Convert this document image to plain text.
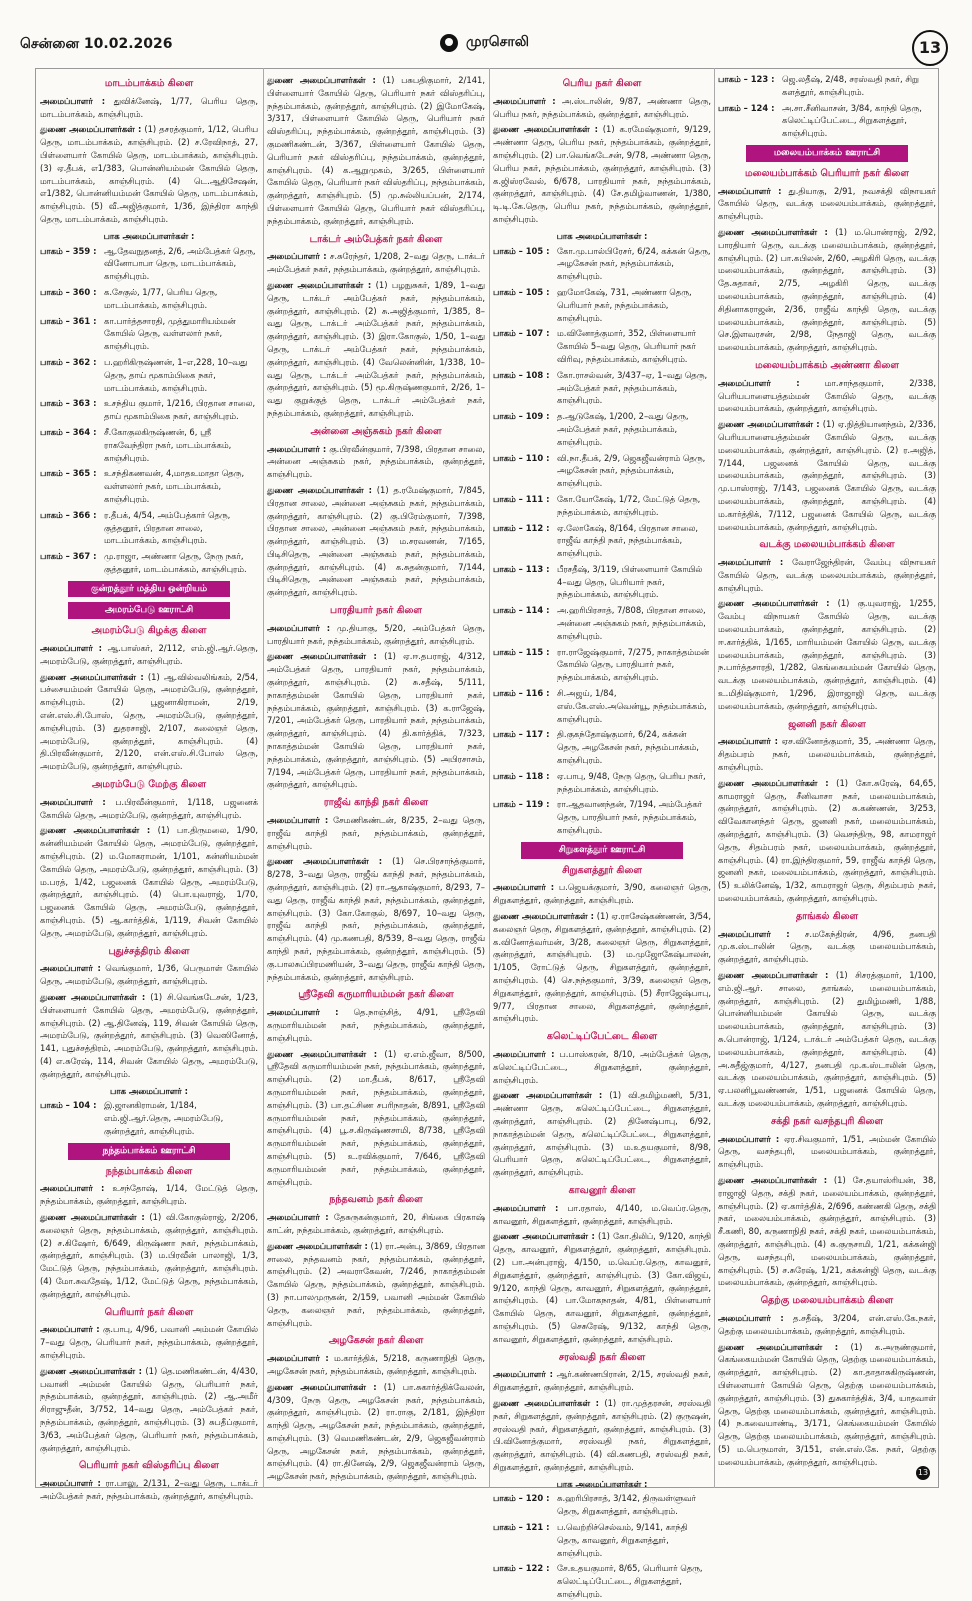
சென்னை 10.02.2026	முரசொலி	13
மாடம்பாக்கம் கிளை
அமைப்பாளர் : துவிக்னேஷ், 1/77, பெரிய தெரு, மாடம்பாக்கம், காஞ்சிபுரம்.
துணை அமைப்பாளர்கள் : (1) தசரத்குமார், 1/12, பெரிய தெரு, மாடம்பாக்கம், காஞ்சிபுரம். (2) ச.ரேவிநாத், 27, பிள்ளையார் கோயில் தெரு, மாடம்பாக்கம், காஞ்சிபுரம். (3) ஏ.தீபக், எ1/383, பொன்னியம்மன் கோயில் தெரு, மாடம்பாக்கம், காஞ்சிபுரம். (4) டெ.ஆதிசேஷன், எ1/382, பொன்னியம்மன் கோயில் தெரு, மாடம்பாக்கம், காஞ்சிபுரம். (5) வீ.அஜித்குமார், 1/36, இந்திரா காந்தி தெரு, மாடம்பாக்கம், காஞ்சிபுரம்.
பாக அமைப்பாளர்கள் :
பாகம் – 359 : ஆ.தேவநுதனத், 2/6, அம்பேத்கர் தெரு, வினோபாபா தெரு, மாடம்பாக்கம், காஞ்சிபுரம்.
பாகம் – 360 : க.சேகுல், 1/77, பெரிய தெரு, மாடம்பாக்கம், காஞ்சிபுரம்.
பாகம் – 361 : கா.பார்த்தசாரதி, முத்துமாரியம்மன் கோயில் தெரு, வள்ளலார் நகர், காஞ்சிபுரம்.
பாகம் – 362 : ப.ஹரிகிருஷ்ணன், 1–எ,228, 10–வது தெரு, தாய் மூகாம்பிகை நகர், மாடம்பாக்கம், காஞ்சிபுரம்.
பாகம் – 363 : உசந்திய குமார், 1/216, பிரதான சாலை, தாய் மூகாம்பிகை நகர், காஞ்சிபுரம்.
பாகம் – 364 : சீ.கோகுலகிருஷ்ணன், 6, ஸ்ரீ ராகவேந்திரா நகர், மாடம்பாக்கம், காஞ்சிபுரம்.
பாகம் – 365 : உசந்திகணவன், 4,மாதஉமாதா தெரு, வள்ளலார் நகர், மாடம்பாக்கம், காஞ்சிபுரம்.
பாகம் – 366 : ர.தீபக், 4/54, அம்பேத்கார் தெரு, குத்தனூர், பிரதான சாலை, மாடம்பாக்கம், காஞ்சிபுரம்.
பாகம் – 367 : மு.ராஜா, அண்ணா தெரு, நேரு நகர், குத்தனூர், மாடம்பாக்கம், காஞ்சிபுரம்.
குன்றத்தூர் மத்திய ஒன்றியம்
அமரம்பேடு ஊராட்சி
அமரம்பேடு கிழக்கு கிளை
அமைப்பாளர் : ஆ.பாஸ்கர், 2/112, எம்.ஜி.ஆர்.தெரு, அமரம்பேடு, குன்றத்தூர், காஞ்சிபுரம்.
துணை அமைப்பாளர்கள் : (1) ஆ.வில்வலிங்கம், 2/54, பச்சையம்மன் கோயில் தெரு, அமரம்பேடு, குன்றத்தூர், காஞ்சிபுரம். (2) பூஜனாகிராமன், 2/19, என்.எஸ்.சி.போஸ், தெரு, அமரம்பேடு, குன்றத்தூர், காஞ்சிபுரம். (3) துதரசாஜி, 2/107, கலைஞர் தெரு, அமரம்பேடு, குன்றத்தூர், காஞ்சிபுரம். (4) தி.பிரவீன்குமார், 2/120, என்.எஸ்.சி.போஸ் தெரு, அமரம்பேடு, குன்றத்தூர், காஞ்சிபுரம்.
அமரம்பேடு மேற்கு கிளை
அமைப்பாளர் : ப.பிரவீன்குமார், 1/118, பஜனைக் கோயில் தெரு, அமரம்பேடு, குன்றத்தூர், காஞ்சிபுரம்.
துணை அமைப்பாளர்கள் : (1) பா.திருமலை, 1/90, கன்னியம்மன் கோயில் தெரு, அமரம்பேடு, குன்றத்தூர், காஞ்சிபுரம். (2) ம.மோகராமன், 1/101, கன்னியம்மன் கோயில் தெரு, அமரம்பேடு, குன்றத்தூர், காஞ்சிபுரம். (3) ம.பரத், 1/42, பஜனைக் கோயில் தெரு, அமரம்பேடு, குன்றத்தூர், காஞ்சிபுரம். (4) பொ.யுவராஜ், 1/70, பஜனைக் கோயில் தெரு, அமரம்பேடு, குன்றத்தூர், காஞ்சிபுரம். (5) ஆ.கார்த்திக், 1/119, சிவன் கோயில் தெரு, அமரம்பேடு, குன்றத்தூர், காஞ்சிபுரம்.
புதுச்சத்திரம் கிளை
அமைப்பாளர் : வெங்குமார், 1/36, பெருமாள் கோயில் தெரு, அமரம்பேடு, குன்றத்தூர், காஞ்சிபுரம்.
துணை அமைப்பாளர்கள் : (1) சி.வெங்கடேசன், 1/23, பிள்ளையார் கோயில் தெரு, அமரம்பேடு, குன்றத்தூர், காஞ்சிபுரம். (2) ஆ.தினேஷ், 119, சிவன் கோயில் தெரு, அமரம்பேடு, குன்றத்தூர், காஞ்சிபுரம். (3) வெஸினோத், 141, புதுச்சத்திரம், அமரம்பேடு, குன்றத்தூர், காஞ்சிபுரம். (4) எ.சுரேஷ், 114, சிவன் கோயில் தெரு, அமரம்பேடு, குன்றத்தூர், காஞ்சிபுரம்.
பாக அமைப்பாளர் :
பாகம் – 104 : இ.ஜானகிராமன், 1/184, எம்.ஜி.ஆர்.தெரு, அமரம்பேடு, குன்றத்தூர், காஞ்சிபுரம்.
நந்தம்பாக்கம் ஊராட்சி
நந்தம்பாக்கம் கிளை
அமைப்பாளர் : உசந்தோஷ், 1/14, மேட்டுத் தெரு, நந்தம்பாக்கம், குன்றத்தூர், காஞ்சிபுரம்.
துணை அமைப்பாளர்கள் : (1) வி.கோகுல்ராஜ், 2/206, கலைஞர் தெரு, நந்தம்பாக்கம், குன்றத்தூர், காஞ்சிபுரம். (2) ச.கிஷோர், 6/649, கிருஷ்ணா நகர், நந்தம்பாக்கம், குன்றத்தூர், காஞ்சிபுரம். (3) ம.பிரவீன் பாலாஜி, 1/3, மேட்டுத் தெரு, நந்தம்பாக்கம், குன்றத்தூர், காஞ்சிபுரம். (4) மோ.சுவதேஷ், 1/12, மேட்டுத் தெரு, நந்தம்பாக்கம், குன்றத்தூர், காஞ்சிபுரம்.
பெரியார் நகர் கிளை
அமைப்பாளர் : கு.பாபு, 4/96, பவானி அம்மன் கோயில் 7–வது தெரு, பெரியார் நகர், நந்தம்பாக்கம், குன்றத்தூர், காஞ்சிபுரம்.
துணை அமைப்பாளர்கள் : (1) தெ.மணிகண்டன், 4/430, பவானி அம்மன் கோயில் தெரு, பெரியார் நகர், நந்தம்பாக்கம், குன்றத்தூர், காஞ்சிபுரம். (2) ஆ.அமீர் சிராஜுதீன், 3/752, 14–வது தெரு, அம்பேத்கர் நகர், நந்தம்பாக்கம், குன்றத்தூர், காஞ்சிபுரம். (3) சுபதீப்குமார், 3/63, அம்பேத்கர் தெரு, பெரியார் நகர், நந்தம்பாக்கம், குன்றத்தூர், காஞ்சிபுரம்.
பெரியார் நகர் விஸ்தரிப்பு கிளை
அமைப்பாளர் : ரா.பாலு, 2/131, 2–வது தெரு, டாக்டர் அம்பேத்கர் நகர், நந்தம்பாக்கம், குன்றத்தூர், காஞ்சிபுரம்.
துணை அமைப்பாளர்கள் : (1) பசுபதிகுமார், 2/141, பிள்ளையார் கோயில் தெரு, பெரியார் நகர் விஸ்தரிப்பு, நந்தம்பாக்கம், குன்றத்தூர், காஞ்சிபுரம். (2) இமோகேஷ், 3/317, பிள்ளையார் கோயில் தெரு, பெரியார் நகர் விஸ்தரிப்பு, நந்தம்பாக்கம், குன்றத்தூர், காஞ்சிபுரம். (3) குமணிகண்டன், 3/367, பிள்ளையார் கோயில் தெரு, பெரியார் நகர் விஸ்தரிப்பு, நந்தம்பாக்கம், குன்றத்தூர், காஞ்சிபுரம். (4) க.ஆறுமுகம், 3/265, பிள்ளையார் கோயில் தெரு, பெரியார் நகர் விஸ்தரிப்பு, நந்தம்பாக்கம், குன்றத்தூர், காஞ்சிபுரம். (5) மு.சுல்லியப்பன், 2/174, பிள்ளையார் கோயில் தெரு, பெரியார் நகர் விஸ்தரிப்பு, நந்தம்பாக்கம், குன்றத்தூர், காஞ்சிபுரம்.
டாக்டர் அம்பேத்கர் நகர் கிளை
அமைப்பாளர் : ச.சுரேந்தர், 1/208, 2–வது தெரு, டாக்டர் அம்பேத்கர் நகர், நந்தம்பாக்கம், குன்றத்தூர், காஞ்சிபுரம்.
துணை அமைப்பாளர்கள் : (1) பழநுசுகர், 1/89, 1–வது தெரு, டாக்டர் அம்பேத்கர் நகர், நந்தம்பாக்கம், குன்றத்தூர், காஞ்சிபுரம். (2) சு.அஜித்குமார், 1/385, 8–வது தெரு, டாக்டர் அம்பேத்கர் நகர், நந்தம்பாக்கம், குன்றத்தூர், காஞ்சிபுரம். (3) இரா.கோகுல், 1/50, 1–வது தெரு, டாக்டர் அம்பேத்கர் நகர், நந்தம்பாக்கம், குன்றத்தூர், காஞ்சிபுரம். (4) வேலென்னின், 1/338, 10–வது தெரு, டாக்டர் அம்பேத்கர் நகர், நந்தம்பாக்கம், குன்றத்தூர், காஞ்சிபுரம். (5) மூ.கிருஷ்ணகுமார், 2/26, 1–வது குறுக்குத் தெரு, டாக்டர் அம்பேத்கர் நகர், நந்தம்பாக்கம், குன்றத்தூர், காஞ்சிபுரம்.
அன்னை அஞ்சுகம் நகர் கிளை
அமைப்பாளர் : கு.பிரவீன்குமார், 7/398, பிரதான சாலை, அன்னை அஞ்சுகம் நகர், நந்தம்பாக்கம், குன்றத்தூர், காஞ்சிபுரம்.
துணை அமைப்பாளர்கள் : (1) த.ரமேஷ்குமார், 7/845, பிரதான சாலை, அன்னை அஞ்சுகம் நகர், நந்தம்பாக்கம், குன்றத்தூர், காஞ்சிபுரம். (2) கு.பிரேம்குமார், 7/398, பிரதான சாலை, அன்னை அஞ்சுகம் நகர், நந்தம்பாக்கம், குன்றத்தூர், காஞ்சிபுரம். (3) ம.சரவணன், 7/165, பிடிசிதெரு, அன்னை அஞ்சுகம் நகர், நந்தம்பாக்கம், குன்றத்தூர், காஞ்சிபுரம். (4) க.சுதன்குமார், 7/144, பிடிசிதெரு, அன்னை அஞ்சுகம் நகர், நந்தம்பாக்கம், குன்றத்தூர், காஞ்சிபுரம்.
பாரதியார் நகர் கிளை
அமைப்பாளர் : மு.தியாகு, 5/20, அம்பேத்கர் தெரு, பாரதியார் நகர், நந்தம்பாக்கம், குன்றத்தூர், காஞ்சிபுரம்.
துணை அமைப்பாளர்கள் : (1) ஏ.ஈ.தபராஜ், 4/312, அம்பேத்கர் தெரு, பாரதியார் நகர், நந்தம்பாக்கம், குன்றத்தூர், காஞ்சிபுரம். (2) சு.சதீஷ், 5/111, நாகாத்தம்மன் கோயில் தெரு, பாரதியார் நகர், நந்தம்பாக்கம், குன்றத்தூர், காஞ்சிபுரம். (3) க.ராஜேஷ், 7/201, அம்பேத்கர் தெரு, பாரதியார் நகர், நந்தம்பாக்கம், குன்றத்தூர், காஞ்சிபுரம். (4) தி.கார்த்திக், 7/323, நாகாத்தம்மன் கோயில் தெரு, பாரதியார் நகர், நந்தம்பாக்கம், குன்றத்தூர், காஞ்சிபுரம். (5) அபிரசாசம், 7/194, அம்பேத்கர் தெரு, பாரதியார் நகர், நந்தம்பாக்கம், குன்றத்தூர், காஞ்சிபுரம்.
ராஜீவ் காந்தி நகர் கிளை
அமைப்பாளர் : சேமணிகண்டன், 8/235, 2–வது தெரு, ராஜீவ் காந்தி நகர், நந்தம்பாக்கம், குன்றத்தூர், காஞ்சிபுரம்.
துணை அமைப்பாளர்கள் : (1) செ.பிரசாந்த்குமார், 8/278, 3–வது தெரு, ராஜீவ் காந்தி நகர், நந்தம்பாக்கம், குன்றத்தூர், காஞ்சிபுரம். (2) ரா.ஆகாஷ்குமார், 8/293, 7–வது தெரு, ராஜீவ் காந்தி நகர், நந்தம்பாக்கம், குன்றத்தூர், காஞ்சிபுரம். (3) கோ.கோகுல், 8/697, 10–வது தெரு, ராஜீவ் காந்தி நகர், நந்தம்பாக்கம், குன்றத்தூர், காஞ்சிபுரம். (4) மு.கணபதி, 8/539, 8–வது தெரு, ராஜீவ் காந்தி நகர், நந்தம்பாக்கம், குன்றத்தூர், காஞ்சிபுரம். (5) கு.பாலசுப்பிரமணியன், 3–வது தெரு, ராஜீவ் காந்தி தெரு, நந்தம்பாக்கம், குன்றத்தூர், காஞ்சிபுரம்.
ஸ்ரீதேவி கருமாரியம்மன் நகர் கிளை
அமைப்பாளர் : தெ.நாஞ்சித், 4/91, ஸ்ரீதேவி கருமாரியம்மன் நகர், நந்தம்பாக்கம், குன்றத்தூர், காஞ்சிபுரம்.
துணை அமைப்பாளர்கள் : (1) ஏ.எம்.ஜீவா, 8/500, ஸ்ரீதேவி கருமாரியம்மன் நகர், நந்தம்பாக்கம், குன்றத்தூர், காஞ்சிபுரம். (2) மா.தீபக், 8/617, ஸ்ரீதேவி கருமாரியம்மன் நகர், நந்தம்பாக்கம், குன்றத்தூர், காஞ்சிபுரம். (3) பா.தட்சிண சபரிநாதன், 8/891, ஸ்ரீதேவி கருமாரியம்மன் நகர், நந்தம்பாக்கம், குன்றத்தூர், காஞ்சிபுரம். (4) பூ.ச.கிருஷ்ணசாமி, 8/738, ஸ்ரீதேவி கருமாரியம்மன் நகர், நந்தம்பாக்கம், குன்றத்தூர், காஞ்சிபுரம். (5) உ.ரவிக்குமார், 7/646, ஸ்ரீதேவி கருமாரியம்மன் நகர், நந்தம்பாக்கம், குன்றத்தூர், காஞ்சிபுரம்.
நந்தவனம் நகர் கிளை
அமைப்பாளர் : தேசுருகன்குமார், 20, சிங்கை பிரகாஷ் காட்ன், நந்தம்பாக்கம், குன்றத்தூர், காஞ்சிபுரம்.
துணை அமைப்பாளர்கள் : (1) ரா.அன்பு, 3/869, பிரதான சாலை, நந்தவனம் நகர், நந்தம்பாக்கம், குன்றத்தூர், காஞ்சிபுரம். (2) அவராகேவன், 7/246, நாகாத்தம்மன் கோயில் தெரு, நந்தம்பாக்கம், குன்றத்தூர், காஞ்சிபுரம். (3) நா.பாலமுருகன், 2/159, பவானி அம்மன் கோயில் தெரு, கலைஞர் நகர், நந்தம்பாக்கம், குன்றத்தூர், காஞ்சிபுரம்.
அழகேசன் நகர் கிளை
அமைப்பாளர் : ம.கார்த்திக், 5/218, கருணாநிதி தெரு, அழகேசன் நகர், நந்தம்பாக்கம், குன்றத்தூர், காஞ்சிபுரம்.
துணை அமைப்பாளர்கள் : (1) பா.சுகார்த்திக்வேலன், 4/309, நேரு தெரு, அழகேசன் நகர், நந்தம்பாக்கம், குன்றத்தூர், காஞ்சிபுரம். (2) ரா.ராகு, 2/181, இந்திரா காந்தி தெரு, அழகேசன் நகர், நந்தம்பாக்கம், குன்றத்தூர், காஞ்சிபுரம். (3) வெமணிகண்டன், 2/9, ஜெகஜீவன்ராம் தெரு, அழகேசன் நகர், நந்தம்பாக்கம், குன்றத்தூர், காஞ்சிபுரம். (4) ரா.தினேஷ், 2/9, ஜெகஜீவன்ராம் தெரு, அழகேசன் நகர், நந்தம்பாக்கம், குன்றத்தூர், காஞ்சிபுரம்.
பெரிய நகர் கிளை
அமைப்பாளர் : அ.ஸ்டாலின், 9/87, அண்ணா தெரு, பெரிய நகர், நந்தம்பாக்கம், குன்றத்தூர், காஞ்சிபுரம்.
துணை அமைப்பாளர்கள் : (1) க.ரமேஷ்குமார், 9/129, அண்ணா தெரு, பெரிய நகர், நந்தம்பாக்கம், குன்றத்தூர், காஞ்சிபுரம். (2) பா.வெங்கடேசன், 9/78, அண்ணா தெரு, பெரிய நகர், நந்தம்பாக்கம், குன்றத்தூர், காஞ்சிபுரம். (3) க.ஜிஸ்ரவேல், 6/678, பாரதியார் நகர், நந்தம்பாக்கம், குன்றத்தூர், காஞ்சிபுரம். (4) சே.தமிழ்வாணன், 1/380, டி.டி.கே.தெரு, பெரிய நகர், நந்தம்பாக்கம், குன்றத்தூர், காஞ்சிபுரம்.
பாக அமைப்பாளர்கள் :
பாகம் – 105 : கோ.மு.பால்பிரேசர், 6/24, கக்கன் தெரு, அழகேசன் நகர், நந்தம்பாக்கம், காஞ்சிபுரம்.
பாகம் – 105 : ஹமோகேஷ், 731, அண்ணா தெரு, பெரியார் நகர், நந்தம்பாக்கம், காஞ்சிபுரம்.
பாகம் – 107 : ம.வினோத்குமார், 352, பிள்ளையார் கோயில் 5–வது தெரு, பெரியார் நகர் விரிவு, நந்தம்பாக்கம், காஞ்சிபுரம்.
பாகம் – 108 : கோ.ராசல்வன், 3/437–ஏ, 1–வது தெரு, அம்பேத்கர் நகர், நந்தம்பாக்கம், காஞ்சிபுரம்.
பாகம் – 109 : த.ஆடுகேஷ், 1/200, 2–வது தெரு, அம்பேத்கர் நகர், நந்தம்பாக்கம், காஞ்சிபுரம்.
பாகம் – 110 : வி.நா.தீபக், 2/9, ஜெகஜீவன்ராம் தெரு, அழகேசன் நகர், நந்தம்பாக்கம், காஞ்சிபுரம்.
பாகம் – 111 : கோ.யோகேஷ், 1/72, மேட்டுத் தெரு, நந்தம்பாக்கம், காஞ்சிபுரம்.
பாகம் – 112 : ஏ.லோகேஷ், 8/164, பிரதான சாலை, ராஜீவ் காந்தி நகர், நந்தம்பாக்கம், காஞ்சிபுரம்.
பாகம் – 113 : பீரசதீஷ், 3/119, பிள்ளையார் கோயில் 4–வது தெரு, பெரியார் நகர், நந்தம்பாக்கம், காஞ்சிபுரம்.
பாகம் – 114 : அ.ஹரிபிரசாத், 7/808, பிரதான சாலை, அன்னை அஞ்சுகம் நகர், நந்தம்பாக்கம், காஞ்சிபுரம்.
பாகம் – 115 : ரா.ராஜேஷ்குமார், 7/275, நாகாத்தம்மன் கோயில் தெரு, பாரதியார் நகர், நந்தம்பாக்கம், காஞ்சிபுரம்.
பாகம் – 116 : சி.அஜய், 1/84, எஸ்.கே.எஸ்.அவென்யூ, நந்தம்பாக்கம், காஞ்சிபுரம்.
பாகம் – 117 : தி.குகந்தோஷ்குமார், 6/24, கக்கன் தெரு, அழகேசன் நகர், நந்தம்பாக்கம், காஞ்சிபுரம்.
பாகம் – 118 : ஏ.பாபு, 9/48, நேரு தெரு, பெரிய நகர், நந்தம்பாக்கம், காஞ்சிபுரம்.
பாகம் – 119 : ரா.ஆதவானந்தன், 7/194, அம்பேத்கர் தெரு, பாரதியார் நகர், நந்தம்பாக்கம், காஞ்சிபுரம்.
சிறுகளத்தூர் ஊராட்சி
சிறுகளத்தூர் கிளை
அமைப்பாளர் : ப.ஜெயக்குமார், 3/90, கலைஞர் தெரு, சிறுகளத்தூர், குன்றத்தூர், காஞ்சிபுரம்.
துணை அமைப்பாளர்கள் : (1) ஏ.ராசேஷ்கண்ணன், 3/54, கலைஞர் தெரு, சிறுகளத்தூர், குன்றத்தூர், காஞ்சிபுரம். (2) க.வினோத்வர்மன், 3/28, கலைஞர் தெரு, சிறுகளத்தூர், குன்றத்தூர், காஞ்சிபுரம். (3) ம.முஜோகேஷ்பாலன், 1/105, ரோட்டுத் தெரு, சிறுகளத்தூர், குன்றத்தூர், காஞ்சிபுரம். (4) செ.நந்தகுமார், 3/39, கலைஞர் தெரு, சிறுகளத்தூர், குன்றத்தூர், காஞ்சிபுரம். (5) சீராஜேஷ்பாபு, 9/77, பிரதான சாலை, சிறுகளத்தூர், குன்றத்தூர், காஞ்சிபுரம்.
கலெட்டிப்பேட்டை கிளை
அமைப்பாளர் : ப.பாஸ்கரன், 8/10, அம்பேத்கர் தெரு, கலெட்டிப்பேட்டை, சிறுகளத்தூர், குன்றத்தூர், காஞ்சிபுரம்.
துணை அமைப்பாளர்கள் : (1) வி.தமிழ்மணி, 5/31, அண்ணா தெரு, கலெட்டிப்பேட்டை, சிறுகளத்தூர், குன்றத்தூர், காஞ்சிபுரம். (2) தினேஷ்பாபு, 6/92, நாகாத்தம்மன் தெரு, கலெட்டிப்பேட்டை, சிறுகளத்தூர், குன்றத்தூர், காஞ்சிபுரம். (3) ம.உதயகுமார், 8/98, பெரியார் தெரு, கலெட்டிப்பேட்டை, சிறுகளத்தூர், குன்றத்தூர், காஞ்சிபுரம்.
காவனூர் கிளை
அமைப்பாளர் : பா.ரதாஸ், 4/140, ம.வெப்ர.தெரு, காவனூர், சிறுகளத்தூர், குன்றத்தூர், காஞ்சிபுரம்.
துணை அமைப்பாளர்கள் : (1) கோ.திலிப், 9/120, காந்தி தெரு, காவனூர், சிறுகளத்தூர், குன்றத்தூர், காஞ்சிபுரம். (2) பா.அன்புராஜ், 4/150, ம.வெப்ர.தெரு, காவனூர், சிறுகளத்தூர், குன்றத்தூர், காஞ்சிபுரம். (3) கோ.விஜய், 9/120, காந்தி தெரு, காவனூர், சிறுகளத்தூர், குன்றத்தூர், காஞ்சிபுரம். (4) பா.மோகநாதன், 4/81, பிள்ளையார் கோயில் தெரு, காவனூர், சிறுகளத்தூர், குன்றத்தூர், காஞ்சிபுரம். (5) செசுரேஷ், 9/132, காந்தி தெரு, காவனூர், சிறுகளத்தூர், குன்றத்தூர், காஞ்சிபுரம்.
சரஸ்வதி நகர் கிளை
அமைப்பாளர் : ஆர்.கண்ணபிரான், 2/15, சரஸ்வதி நகர், சிறுகளத்தூர், குன்றத்தூர், காஞ்சிபுரம்.
துணை அமைப்பாளர்கள் : (1) ரா.முத்தரசன், சரஸ்வதி நகர், சிறுகளத்தூர், குன்றத்தூர், காஞ்சிபுரம். (2) குருஷன், சரஸ்வதி நகர், சிறுகளத்தூர், குன்றத்தூர், காஞ்சிபுரம். (3) பி.வினோத்குமார், சரஸ்வதி நகர், சிறுகளத்தூர், குன்றத்தூர், காஞ்சிபுரம். (4) வி.கணபதி, சரஸ்வதி நகர், சிறுகளத்தூர், குன்றத்தூர், காஞ்சிபுரம்.
பாக அமைப்பாளர்கள் :
பாகம் – 120 : சு.ஹரிபிரசாத், 3/142, திருவள்ளுவர் தெரு, சிறுகளத்தூர், காஞ்சிபுரம்.
பாகம் – 121 : ப.வெற்றிச்செல்வம், 9/141, காந்தி தெரு, காவனூர், சிறுகளத்தூர், காஞ்சிபுரம்.
பாகம் – 122 : சே.உதயகுமார், 8/65, பெரியார் தெரு, கலெட்டிப்பேட்டை, சிறுகளத்தூர், காஞ்சிபுரம்.
பாகம் – 123 : ஜெ.லதீஷ், 2/48, சரஸ்வதி நகர், சிறு களத்தூர், காஞ்சிபுரம்.
பாகம் – 124 : அ.சா.சீனிவாசன், 3/84, காந்தி தெரு, கலெட்டிப்பேட்டை, சிறுகளத்தூர், காஞ்சிபுரம்.
மலையம்பாக்கம் ஊராட்சி
மலையம்பாக்கம் பெரியார் நகர் கிளை
அமைப்பாளர் : து.தியாகு, 2/91, நவசக்தி விநாயகர் கோயில் தெரு, வடக்கு மலையம்பாக்கம், குன்றத்தூர், காஞ்சிபுரம்.
துணை அமைப்பாளர்கள் : (1) ம.பொன்ராஜ், 2/92, பாரதியார் தெரு, வடக்கு மலையம்பாக்கம், குன்றத்தூர், காஞ்சிபுரம். (2) பா.கபிலன், 2/60, அழகிரி தெரு, வடக்கு மலையம்பாக்கம், குன்றத்தூர், காஞ்சிபுரம். (3) தே.சுதாகர், 2/75, அழகிரி தெரு, வடக்கு மலையம்பாக்கம், குன்றத்தூர், காஞ்சிபுரம். (4) சிதினாகராஜன், 2/36, ராஜீவ் காந்தி தெரு, வடக்கு மலையம்பாக்கம், குன்றத்தூர், காஞ்சிபுரம். (5) செ.இளவரசன், 2/98, நேதாஜி தெரு, வடக்கு மலையம்பாக்கம், குன்றத்தூர், காஞ்சிபுரம்.
மலையம்பாக்கம் அண்ணா கிளை
அமைப்பாளர் : மா.சாந்தகுமார், 2/338, பெரியபாளையத்தம்மன் கோயில் தெரு, வடக்கு மலையம்பாக்கம், குன்றத்தூர், காஞ்சிபுரம்.
துணை அமைப்பாளர்கள் : (1) ஏ.நித்தியானந்தம், 2/336, பெரியபாளையத்தம்மன் கோயில் தெரு, வடக்கு மலையம்பாக்கம், குன்றத்தூர், காஞ்சிபுரம். (2) ர.அஜித், 7/144, பஜனைக் கோயில் தெரு, வடக்கு மலையம்பாக்கம், குன்றத்தூர், காஞ்சிபுரம். (3) மு.பாஸ்ராஜ், 7/143, பஜனைக் கோயில் தெரு, வடக்கு மலையம்பாக்கம், குன்றத்தூர், காஞ்சிபுரம். (4) ம.கார்த்திக், 7/112, பஜனைக் கோயில் தெரு, வடக்கு மலையம்பாக்கம், குன்றத்தூர், காஞ்சிபுரம்.
வடக்கு மலையம்பாக்கம் கிளை
அமைப்பாளர் : வேராஜேந்திரன், வேம்பு விநாயகர் கோயில் தெரு, வடக்கு மலையம்பாக்கம், குன்றத்தூர், காஞ்சிபுரம்.
துணை அமைப்பாளர்கள் : (1) கு.யுவராஜ், 1/255, வேம்பு விநாயகர் கோயில் தெரு, வடக்கு மலையம்பாக்கம், குன்றத்தூர், காஞ்சிபுரம். (2) ஈ.கார்த்திக், 1/165, மாரியம்மன் கோயில் தெரு, வடக்கு மலையம்பாக்கம், குன்றத்தூர், காஞ்சிபுரம். (3) ந.பார்த்தசாரதி, 1/282, கெங்கையம்மன் கோயில் தெரு, வடக்கு மலையம்பாக்கம், குன்றத்தூர், காஞ்சிபுரம். (4) உ.மிதிஷ்குமார், 1/296, இராஜாஜி தெரு, வடக்கு மலையம்பாக்கம், குன்றத்தூர், காஞ்சிபுரம்.
ஜனனி நகர் கிளை
அமைப்பாளர் : ஏச.வினோத்குமார், 35, அண்ணா தெரு, சிதம்பரம் நகர், மலையம்பாக்கம், குன்றத்தூர், காஞ்சிபுரம்.
துணை அமைப்பாளர்கள் : (1) கோ.சுரேஷ், 64,65, காமராஜர் தெரு, சீனிவாசா நகர், மலையம்பாக்கம், குன்றத்தூர், காஞ்சிபுரம். (2) சு.கண்ணன், 3/253, விவேகானந்தர் தெரு, ஜனனி நகர், மலையம்பாக்கம், குன்றத்தூர், காஞ்சிபுரம். (3) வெசந்திரு, 98, காமராஜர் தெரு, சிதம்பரம் நகர், மலையம்பாக்கம், குன்றத்தூர், காஞ்சிபுரம். (4) ரா.இந்திரகுமார், 59, ராஜீவ் காந்தி தெரு, ஜனனி நகர், மலையம்பாக்கம், குன்றத்தூர், காஞ்சிபுரம். (5) உலிக்னேஷ், 1/32, காமராஜர் தெரு, சிதம்பரம் நகர், மலையம்பாக்கம், குன்றத்தூர், காஞ்சிபுரம்.
தாங்கல் கிளை
அமைப்பாளர் : ச.மகேந்திரன், 4/96, தனபதி மு.க.ஸ்டாலின் தெரு, வடக்கு மலையம்பாக்கம், குன்றத்தூர், காஞ்சிபுரம்.
துணை அமைப்பாளர்கள் : (1) சிசரத்குமார், 1/100, எம்.ஜி.ஆர். சாலை, தாங்கல், மலையம்பாக்கம், குன்றத்தூர், காஞ்சிபுரம். (2) துமிழ்மணி, 1/88, பொன்னியம்மன் கோயில் தெரு, வடக்கு மலையம்பாக்கம், குன்றத்தூர், காஞ்சிபுரம். (3) சு.பொன்ராஜ், 1/124, டாக்டர் அம்பேத்கர் தெரு, வடக்கு மலையம்பாக்கம், குன்றத்தூர், காஞ்சிபுரம். (4) அ.சுதீஜ்குமார், 4/127, தனபதி மு.க.ஸ்டாலின் தெரு, வடக்கு மலையம்பாக்கம், குன்றத்தூர், காஞ்சிபுரம். (5) ஏ.பலனிபூவண்ணன், 1/51, பஜனைக் கோயில் தெரு, வடக்கு மலையம்பாக்கம், குன்றத்தூர், காஞ்சிபுரம்.
சக்தி நகர் வசந்தபுரி கிளை
அமைப்பாளர் : ஏர.சிவகுமார், 1/51, அம்மன் கோயில் தெரு, வசந்தபுரி, மலையம்பாக்கம், குன்றத்தூர், காஞ்சிபுரம்.
துணை அமைப்பாளர்கள் : (1) சே.தயாஸ்ரியன், 38, ராஜாஜி தெரு, சக்தி நகர், மலையம்பாக்கம், குன்றத்தூர், காஞ்சிபுரம். (2) ஏ.கார்த்திக், 2/696, கண்ணகி தெரு, சக்தி நகர், மலையம்பாக்கம், குன்றத்தூர், காஞ்சிபுரம். (3) சீ.கணி, 80, கருணாநிதி நகர், சக்தி நகர், மலையம்பாக்கம், குன்றத்தூர், காஞ்சிபுரம். (4) சு.குருசாமி, 1/21, கக்கன்ஜி தெரு, வசந்தபுரி, மலையம்பாக்கம், குன்றத்தூர், காஞ்சிபுரம். (5) ச.சுரேஷ், 1/21, கக்கன்ஜி தெரு, வடக்கு மலையம்பாக்கம், குன்றத்தூர், காஞ்சிபுரம்.
தெற்கு மலையம்பாக்கம் கிளை
அமைப்பாளர் : த.சதீஷ், 3/204, என்.எஸ்.கே.நகர், தெற்கு மலையம்பாக்கம், குன்றத்தூர், காஞ்சிபுரம்.
துணை அமைப்பாளர்கள் : (1) க.அருண்குமார், கெங்கையம்மன் கோயில் தெரு, தெற்கு மலையம்பாக்கம், குன்றத்தூர், காஞ்சிபுரம். (2) கா.தாதாசுகிருஷ்ணன், பிள்ளையார் கோயில் தெரு, தெற்கு மலையம்பாக்கம், குன்றத்தூர், காஞ்சிபுரம். (3) துசுகார்த்திக், 3/4, யாதவாள் தெரு, தெற்கு மலையம்பாக்கம், குன்றத்தூர், காஞ்சிபுரம். (4) ந.கவையாண்டி, 3/171, கெங்கையம்மன் கோயில் தெரு, தெற்கு மலையம்பாக்கம், குன்றத்தூர், காஞ்சிபுரம். (5) ம.பெருமாள், 3/151, என்.எஸ்.கே. நகர், தெற்கு மலையம்பாக்கம், குன்றத்தூர், காஞ்சிபுரம்.
13
